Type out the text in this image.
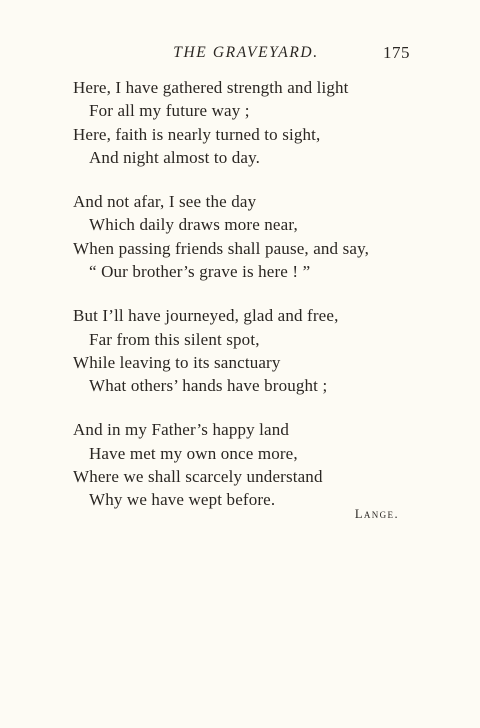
THE GRAVEYARD.	175
Here, I have gathered strength and light
For all my future way ;
Here, faith is nearly turned to sight,
And night almost to day.
And not afar, I see the day
Which daily draws more near,
When passing friends shall pause, and say,
“ Our brother’s grave is here ! ”
But I’ll have journeyed, glad and free,
Far from this silent spot,
While leaving to its sanctuary
What others’ hands have brought ;
And in my Father’s happy land
Have met my own once more,
Where we shall scarcely understand
Why we have wept before.
Lange.
